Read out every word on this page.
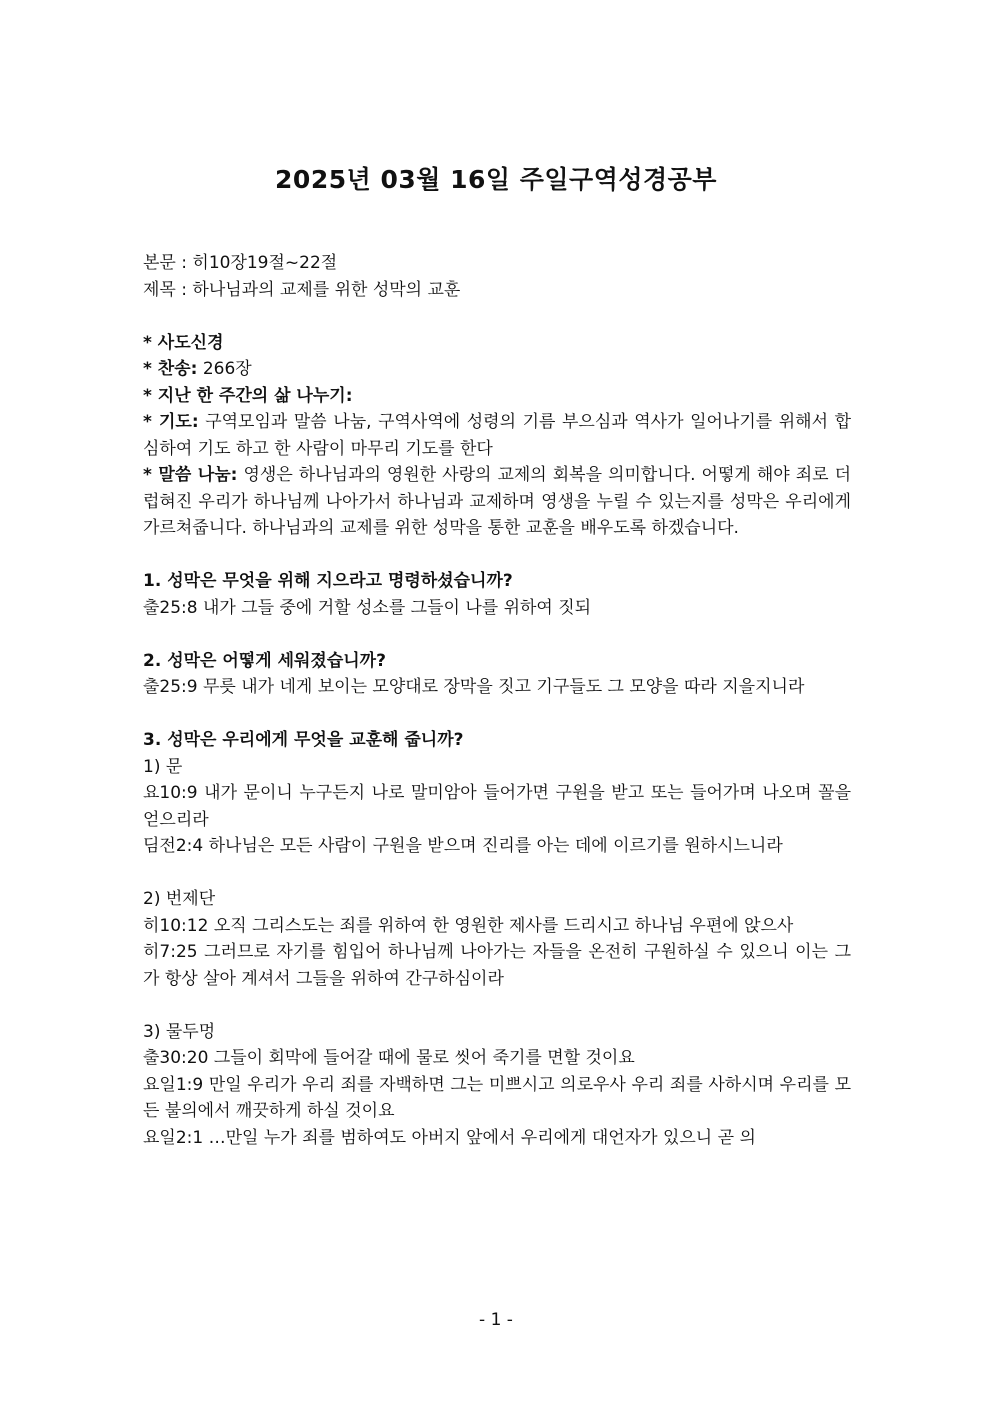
2025년 03월 16일 주일구역성경공부

본문 : 히10장19절~22절

제목 : 하나님과의 교제를 위한 성막의 교훈

* 사도신경

* 찬송: 266장

* 지난 한 주간의 삶 나누기:

* 기도: 구역모임과 말씀 나눔, 구역사역에 성령의 기름 부으심과 역사가 일어나기를 위해서 합심하여 기도 하고 한 사람이 마무리 기도를 한다

* 말씀 나눔: 영생은 하나님과의 영원한 사랑의 교제의 회복을 의미합니다. 어떻게 해야 죄로 더럽혀진 우리가 하나님께 나아가서 하나님과 교제하며 영생을 누릴 수 있는지를 성막은 우리에게 가르쳐줍니다. 하나님과의 교제를 위한 성막을 통한 교훈을 배우도록 하겠습니다.

1. 성막은 무엇을 위해 지으라고 명령하셨습니까?

출25:8 내가 그들 중에 거할 성소를 그들이 나를 위하여 짓되

2. 성막은 어떻게 세워졌습니까?

출25:9 무릇 내가 네게 보이는 모양대로 장막을 짓고 기구들도 그 모양을 따라 지을지니라

3. 성막은 우리에게 무엇을 교훈해 줍니까?

1) 문

요10:9 내가 문이니 누구든지 나로 말미암아 들어가면 구원을 받고 또는 들어가며 나오며 꼴을 얻으리라

딤전2:4 하나님은 모든 사람이 구원을 받으며 진리를 아는 데에 이르기를 원하시느니라

2) 번제단

히10:12 오직 그리스도는 죄를 위하여 한 영원한 제사를 드리시고 하나님 우편에 앉으사

히7:25 그러므로 자기를 힘입어 하나님께 나아가는 자들을 온전히 구원하실 수 있으니 이는 그가 항상 살아 계셔서 그들을 위하여 간구하심이라

3) 물두멍

출30:20 그들이 회막에 들어갈 때에 물로 씻어 죽기를 면할 것이요

요일1:9 만일 우리가 우리 죄를 자백하면 그는 미쁘시고 의로우사 우리 죄를 사하시며 우리를 모든 불의에서 깨끗하게 하실 것이요

요일2:1 …만일 누가 죄를 범하여도 아버지 앞에서 우리에게 대언자가 있으니 곧 의

- 1 -
